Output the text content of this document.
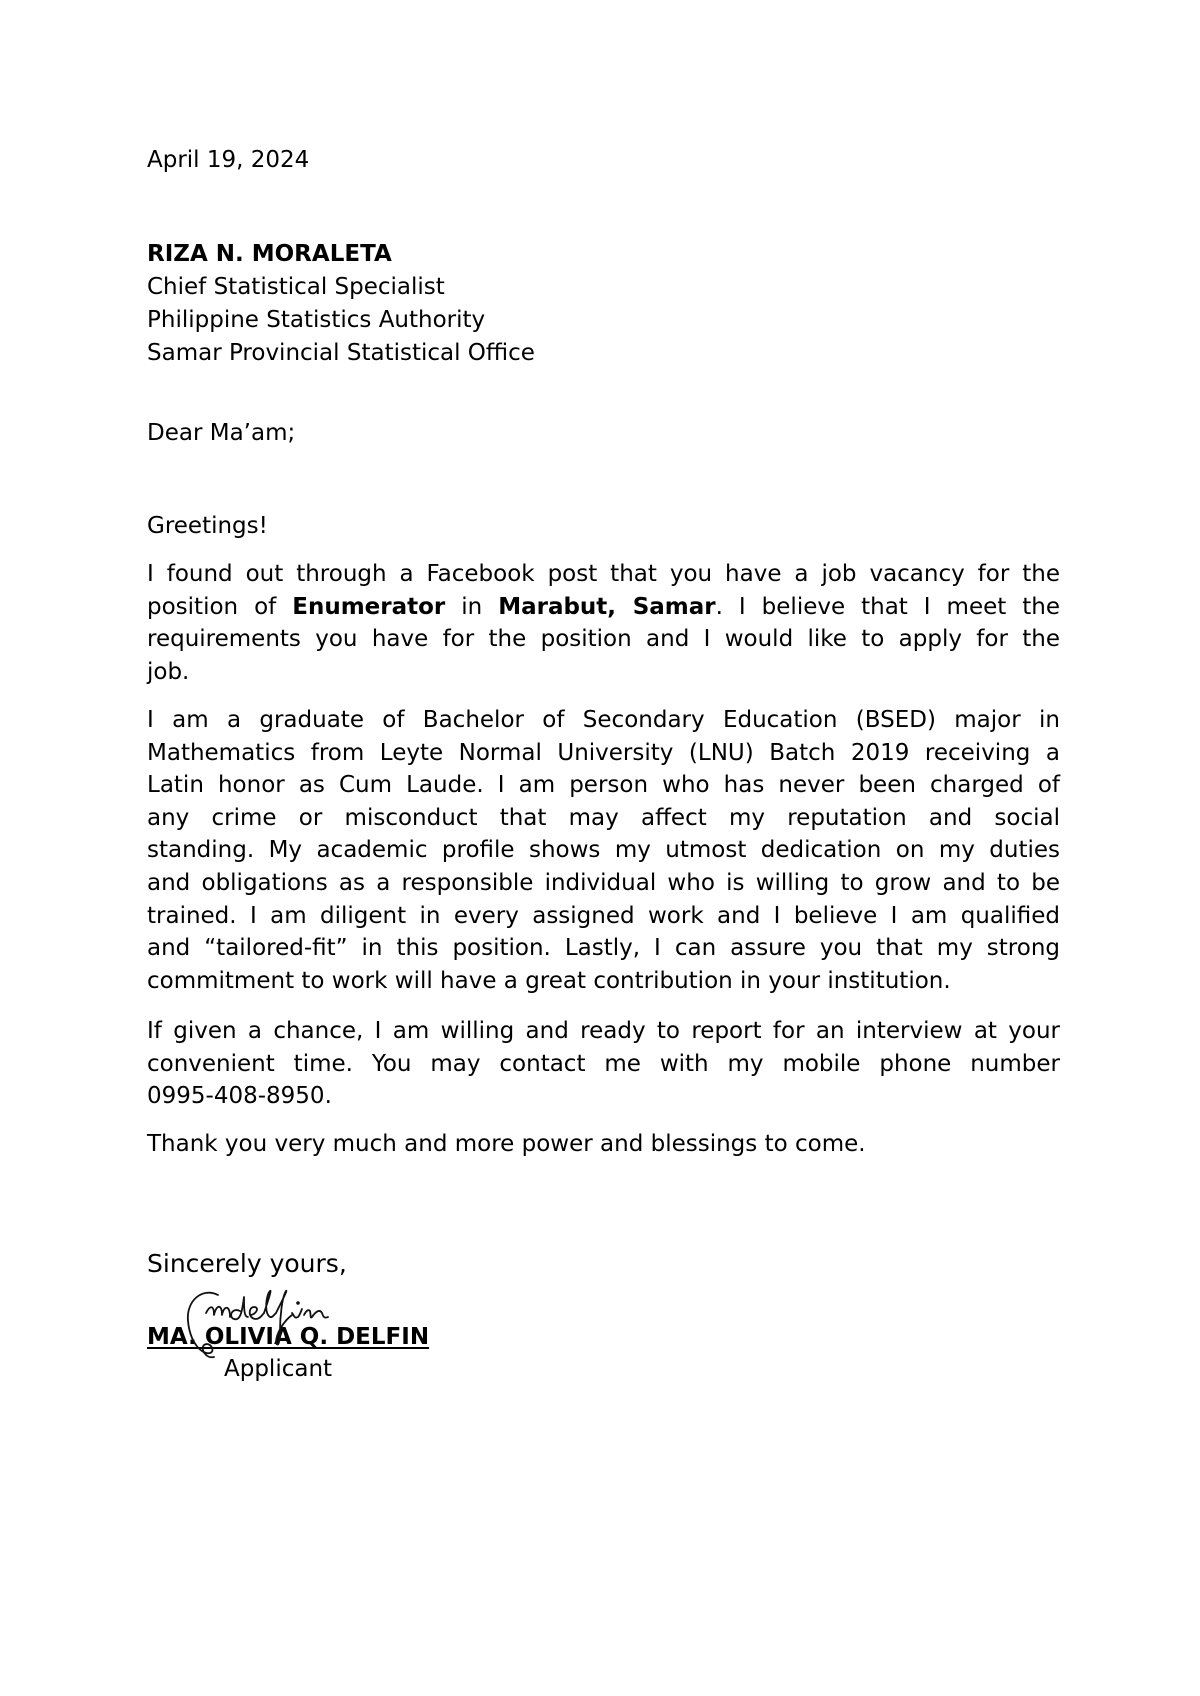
April 19, 2024
RIZA N. MORALETA
Chief Statistical Specialist
Philippine Statistics Authority
Samar Provincial Statistical Office
Dear Ma’am;
Greetings!
I found out through a Facebook post that you have a job vacancy for the
position of Enumerator in Marabut, Samar. I believe that I meet the
requirements you have for the position and I would like to apply for the
job.
I am a graduate of Bachelor of Secondary Education (BSED) major in
Mathematics from Leyte Normal University (LNU) Batch 2019 receiving a
Latin honor as Cum Laude. I am person who has never been charged of
any crime or misconduct that may affect my reputation and social
standing. My academic profile shows my utmost dedication on my duties
and obligations as a responsible individual who is willing to grow and to be
trained. I am diligent in every assigned work and I believe I am qualified
and “tailored-fit” in this position. Lastly, I can assure you that my strong
commitment to work will have a great contribution in your institution.
If given a chance, I am willing and ready to report for an interview at your
convenient time. You may contact me with my mobile phone number
0995-408-8950.
Thank you very much and more power and blessings to come.
Sincerely yours,
MA. OLIVIA Q. DELFIN
Applicant
